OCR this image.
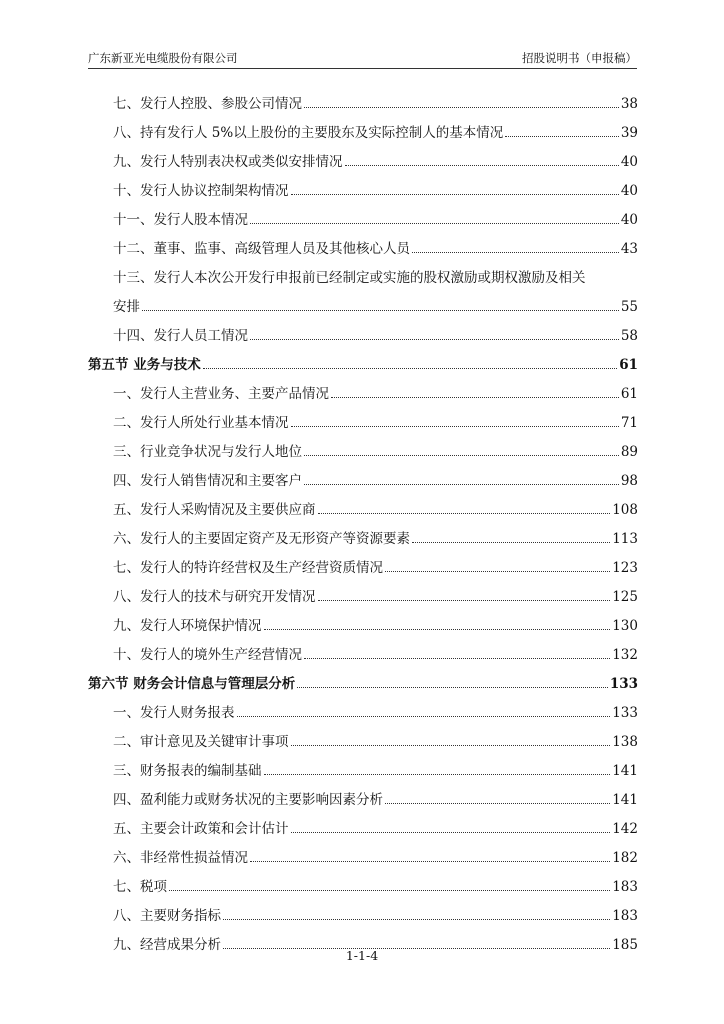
广东新亚光电缆股份有限公司	招股说明书（申报稿）
七、发行人控股、参股公司情况	38
八、持有发行人 5%以上股份的主要股东及实际控制人的基本情况	39
九、发行人特别表决权或类似安排情况	40
十、发行人协议控制架构情况	40
十一、发行人股本情况	40
十二、董事、监事、高级管理人员及其他核心人员	43
十三、发行人本次公开发行申报前已经制定或实施的股权激励或期权激励及相关
安排	55
十四、发行人员工情况	58
第五节 业务与技术	61
一、发行人主营业务、主要产品情况	61
二、发行人所处行业基本情况	71
三、行业竞争状况与发行人地位	89
四、发行人销售情况和主要客户	98
五、发行人采购情况及主要供应商	108
六、发行人的主要固定资产及无形资产等资源要素	113
七、发行人的特许经营权及生产经营资质情况	123
八、发行人的技术与研究开发情况	125
九、发行人环境保护情况	130
十、发行人的境外生产经营情况	132
第六节 财务会计信息与管理层分析	133
一、发行人财务报表	133
二、审计意见及关键审计事项	138
三、财务报表的编制基础	141
四、盈利能力或财务状况的主要影响因素分析	141
五、主要会计政策和会计估计	142
六、非经常性损益情况	182
七、税项	183
八、主要财务指标	183
九、经营成果分析	185
1-1-4
